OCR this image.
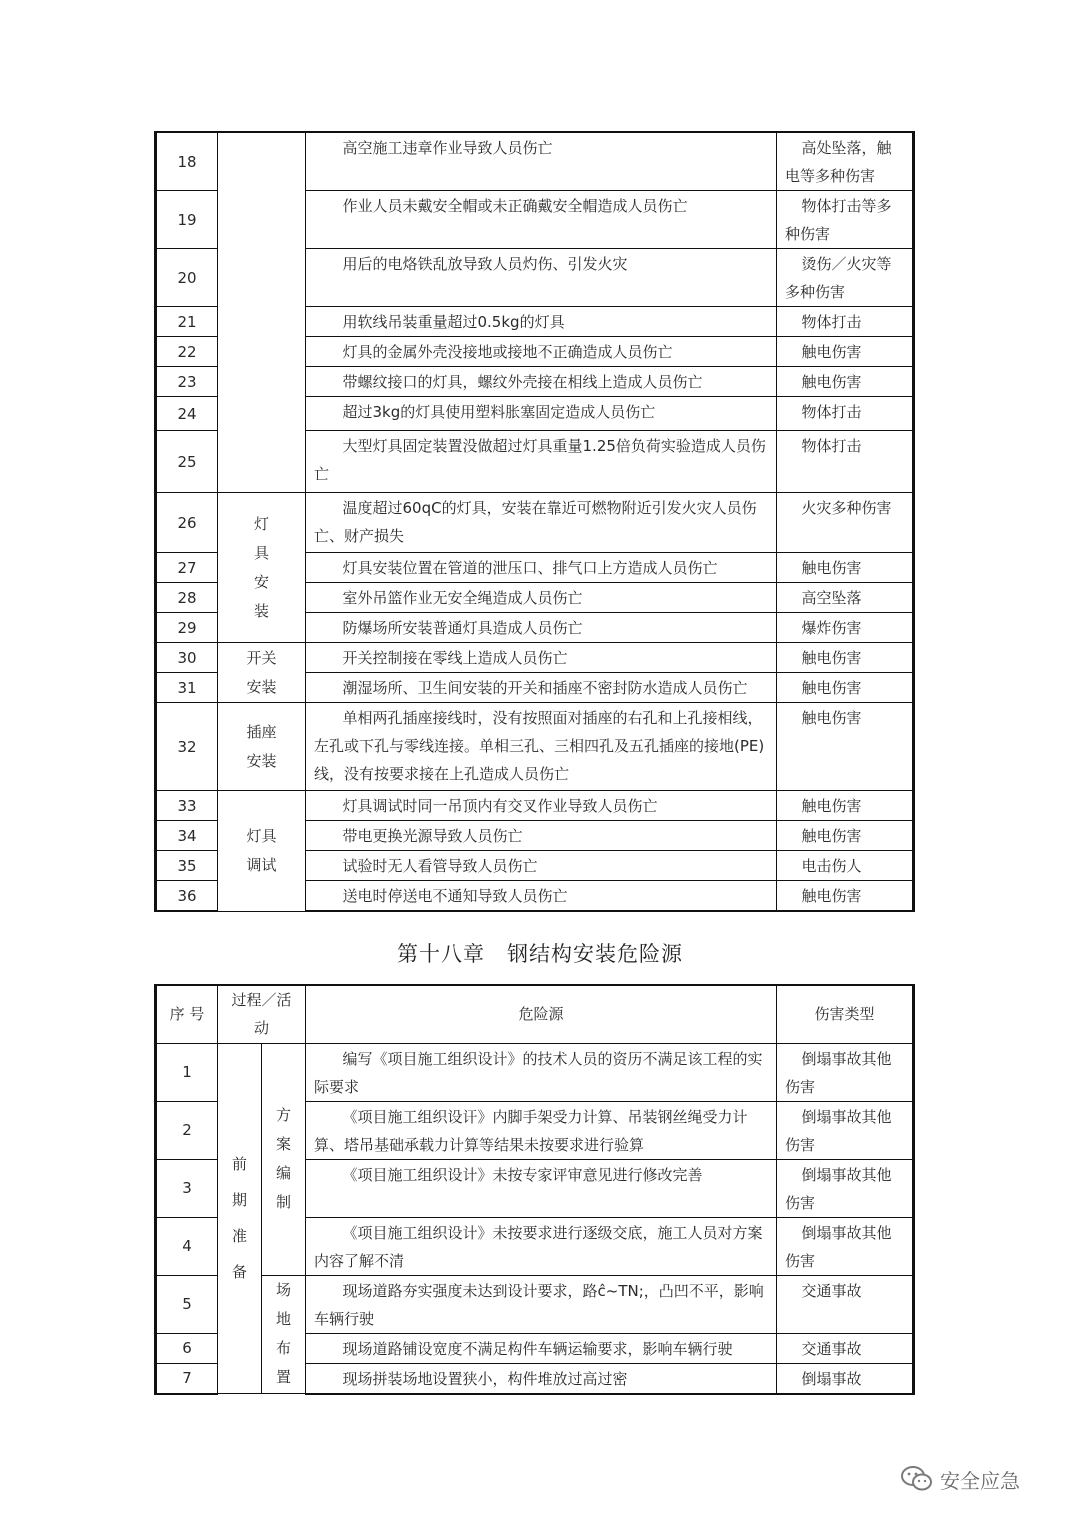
18		高空施工违章作业导致人员伤亡	高处坠落，触电等多种伤害
19		作业人员未戴安全帽或未正确戴安全帽造成人员伤亡	物体打击等多种伤害
20		用后的电烙铁乱放导致人员灼伤、引发火灾	烫伤／火灾等多种伤害
21		用软线吊装重量超过0.5kg的灯具	物体打击
22		灯具的金属外壳没接地或接地不正确造成人员伤亡	触电伤害
23		带螺纹接口的灯具，螺纹外壳接在相线上造成人员伤亡	触电伤害
24		超过3kg的灯具使用塑料胀塞固定造成人员伤亡	物体打击
25		大型灯具固定装置没做超过灯具重量1.25倍负荷实验造成人员伤亡	物体打击
26	灯具安装	温度超过60qC的灯具，安装在靠近可燃物附近引发火灾人员伤亡、财产损失	火灾多种伤害
27		灯具安装位置在管道的泄压口、排气口上方造成人员伤亡	触电伤害
28		室外吊篮作业无安全绳造成人员伤亡	高空坠落
29		防爆场所安装普通灯具造成人员伤亡	爆炸伤害
30	开关安装	开关控制接在零线上造成人员伤亡	触电伤害
31		潮湿场所、卫生间安装的开关和插座不密封防水造成人员伤亡	触电伤害
32	插座安装	单相两孔插座接线时，没有按照面对插座的右孔和上孔接相线，左孔或下孔与零线连接。单相三孔、三相四孔及五孔插座的接地(PE)线，没有按要求接在上孔造成人员伤亡	触电伤害
33	灯具调试	灯具调试时同一吊顶内有交叉作业导致人员伤亡	触电伤害
34		带电更换光源导致人员伤亡	触电伤害
35		试验时无人看管导致人员伤亡	电击伤人
36		送电时停送电不通知导致人员伤亡	触电伤害
第十八章　钢结构安装危险源
序 号	过程／活动		危险源	伤害类型
1	前期准备	方案编制	编写《项目施工组织设计》的技术人员的资历不满足该工程的实际要求	倒塌事故其他伤害
2			《项目施工组织设讦》内脚手架受力计算、吊装钢丝绳受力计算、塔吊基础承载力计算等结果未按要求进行验算	倒塌事故其他伤害
3			《项目施工组织设计》未按专家评审意见进行修改完善	倒塌事故其他伤害
4			《项目施工组织设计》未按要求进行逐级交底，施工人员对方案内容了解不清	倒塌事故其他伤害
5		场地布置	现场道路夯实强度未达到设计要求，路ĉ~TN;，凸凹不平，影响车辆行驶	交通事故
6			现场道路铺设宽度不满足构件车辆运输要求，影响车辆行驶	交通事故
7			现场拼装场地设置狭小，构件堆放过高过密	倒塌事故
安全应急
